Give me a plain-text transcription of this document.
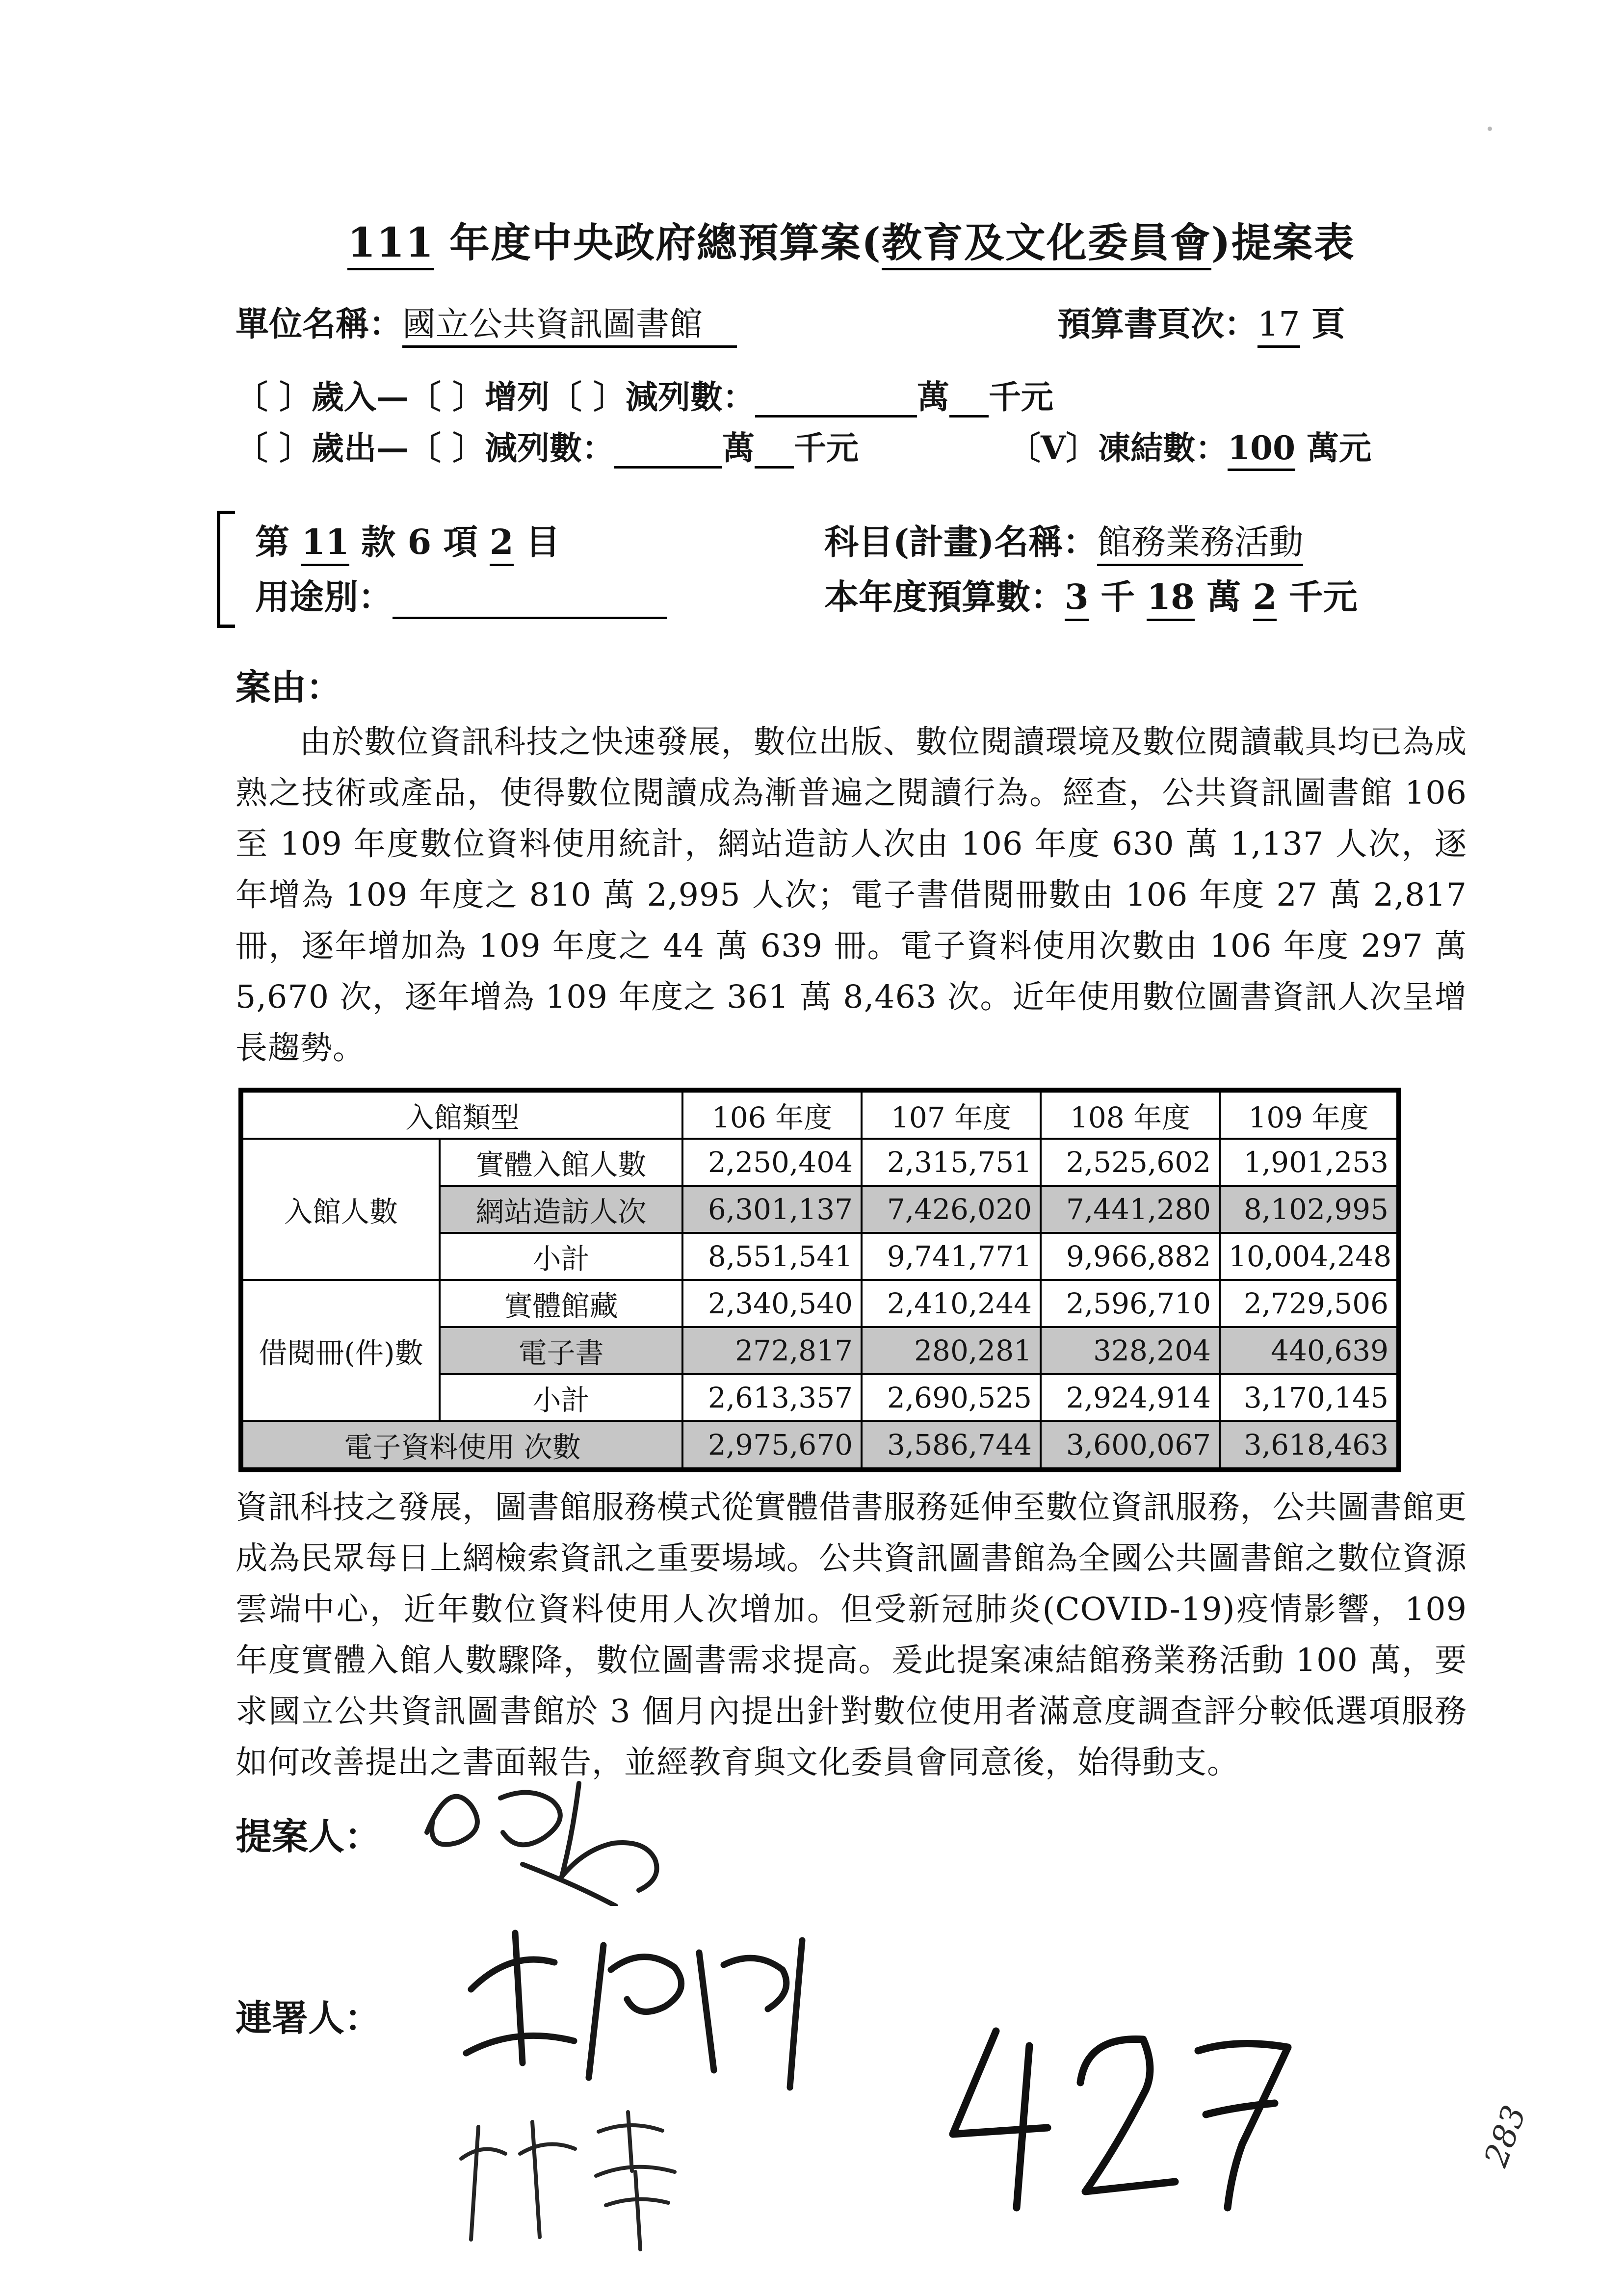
111 年度中央政府總預算案(教育及文化委員會)提案表
單位名稱：國立公共資訊圖書館	預算書頁次：17 頁
〔 〕歲入—〔 〕增列〔 〕減列數：	萬 千元
〔 〕歲出—〔 〕減列數：	萬 千元	〔V〕凍結數：100 萬元
第 11 款 6 項 2 目	科目(計畫)名稱：館務業務活動
用途別：	本年度預算數：3 千 18 萬 2 千元
案由：
由於數位資訊科技之快速發展，數位出版、數位閱讀環境及數位閱讀載具均已為成熟之技術或產品，使得數位閱讀成為漸普遍之閱讀行為。經查，公共資訊圖書館 106 至 109 年度數位資料使用統計，網站造訪人次由 106 年度 630 萬 1,137 人次，逐年增為 109 年度之 810 萬 2,995 人次；電子書借閱冊數由 106 年度 27 萬 2,817 冊，逐年增加為 109 年度之 44 萬 639 冊。電子資料使用次數由 106 年度 297 萬 5,670 次，逐年增為 109 年度之 361 萬 8,463 次。近年使用數位圖書資訊人次呈增長趨勢。
入館類型		106 年度	107 年度	108 年度	109 年度
入館人數	實體入館人數	2,250,404	2,315,751	2,525,602	1,901,253
	網站造訪人次	6,301,137	7,426,020	7,441,280	8,102,995
	小計	8,551,541	9,741,771	9,966,882	10,004,248
借閱冊(件)數	實體館藏	2,340,540	2,410,244	2,596,710	2,729,506
	電子書	272,817	280,281	328,204	440,639
	小計	2,613,357	2,690,525	2,924,914	3,170,145
電子資料使用 次數		2,975,670	3,586,744	3,600,067	3,618,463
資訊科技之發展，圖書館服務模式從實體借書服務延伸至數位資訊服務，公共圖書館更成為民眾每日上網檢索資訊之重要場域。公共資訊圖書館為全國公共圖書館之數位資源雲端中心，近年數位資料使用人次增加。但受新冠肺炎(COVID-19)疫情影響，109 年度實體入館人數驟降，數位圖書需求提高。爰此提案凍結館務業務活動 100 萬，要求國立公共資訊圖書館於 3 個月內提出針對數位使用者滿意度調查評分較低選項服務如何改善提出之書面報告，並經教育與文化委員會同意後，始得動支。
提案人：
連署人：
283
